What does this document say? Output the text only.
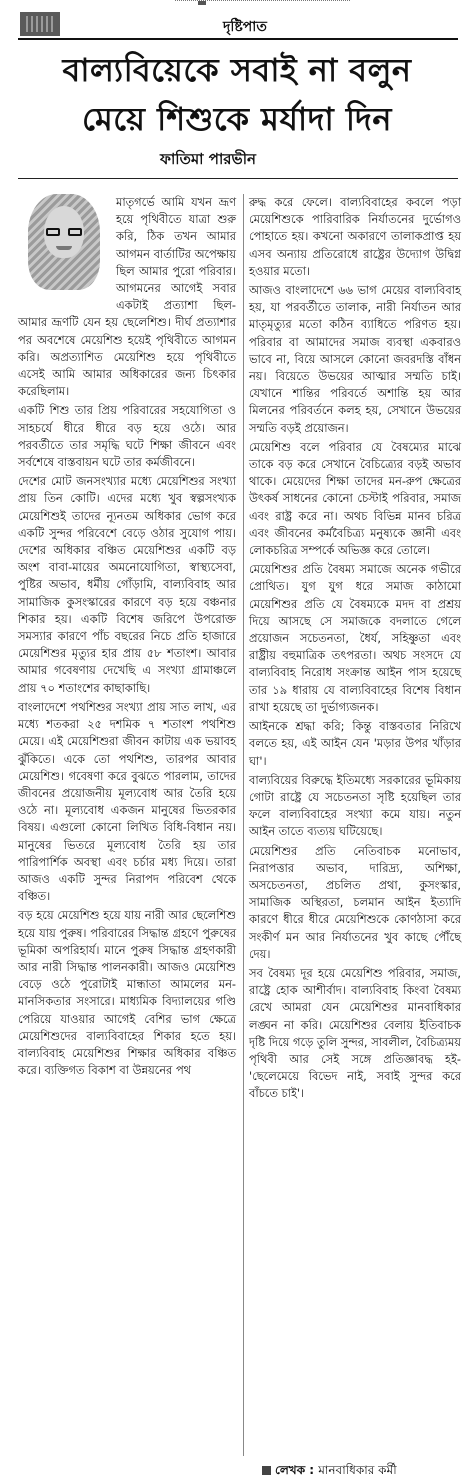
দৃষ্টিপাত
বাল্যবিয়েকে সবাই না বলুন
মেয়ে শিশুকে মর্যাদা দিন
ফাতিমা পারভীন

মাতৃগর্ভে আমি যখন ভ্রূণ হয়ে পৃথিবীতে যাত্রা শুরু করি, ঠিক তখন আমার আগমন বার্তাটির অপেক্ষায় ছিল আমার পুরো পরিবার। আগমনের আগেই সবার একটাই প্রত্যাশা ছিল-আমার ভ্রূণটি যেন হয় ছেলেশিশু। দীর্ঘ প্রত্যাশার পর অবশেষে মেয়েশিশু হয়েই পৃথিবীতে আগমন করি। অপ্রত্যাশিত মেয়েশিশু হয়ে পৃথিবীতে এসেই আমি আমার অধিকারের জন্য চিৎকার করেছিলাম।

একটি শিশু তার প্রিয় পরিবারের সহযোগিতা ও সাহচর্যে ধীরে ধীরে বড় হয়ে ওঠে। আর পরবর্তীতে তার সমৃদ্ধি ঘটে শিক্ষা জীবনে এবং সর্বশেষে বাস্তবায়ন ঘটে তার কর্মজীবনে।

দেশের মোট জনসংখ্যার মধ্যে মেয়েশিশুর সংখ্যা প্রায় তিন কোটি। এদের মধ্যে খুব স্বল্পসংখ্যক মেয়েশিশুই তাদের ন্যূনতম অধিকার ভোগ করে একটি সুন্দর পরিবেশে বেড়ে ওঠার সুযোগ পায়। দেশের অধিকার বঞ্চিত মেয়েশিশুর একটি বড় অংশ বাবা-মায়ের অমনোযোগিতা, স্বাস্থ্যসেবা, পুষ্টির অভাব, ধর্মীয় গোঁড়ামি, বাল্যবিবাহ আর সামাজিক কুসংস্কারের কারণে বড় হয়ে বঞ্চনার শিকার হয়। একটি বিশেষ জরিপে উপরোক্ত সমস্যার কারণে পাঁচ বছরের নিচে প্রতি হাজারে মেয়েশিশুর মৃত্যুর হার প্রায় ৫৮ শতাংশ। আবার আমার গবেষণায় দেখেছি এ সংখ্যা গ্রামাঞ্চলে প্রায় ৭০ শতাংশের কাছাকাছি।

বাংলাদেশে পথশিশুর সংখ্যা প্রায় সাত লাখ, এর মধ্যে শতকরা ২৫ দশমিক ৭ শতাংশ পথশিশু মেয়ে। এই মেয়েশিশুরা জীবন কাটায় এক ভয়াবহ ঝুঁকিতে। একে তো পথশিশু, তারপর আবার মেয়েশিশু। গবেষণা করে বুঝতে পারলাম, তাদের জীবনের প্রয়োজনীয় মূল্যবোধ আর তৈরি হয়ে ওঠে না। মূল্যবোধ একজন মানুষের ভিতরকার বিষয়। এগুলো কোনো লিখিত বিধি-বিধান নয়। মানুষের ভিতরে মূল্যবোধ তৈরি হয় তার পারিপার্শিক অবস্থা এবং চর্চার মধ্য দিয়ে। তারা আজও একটি সুন্দর নিরাপদ পরিবেশ থেকে বঞ্চিত।

বড় হয়ে মেয়েশিশু হয়ে যায় নারী আর ছেলেশিশু হয়ে যায় পুরুষ। পরিবারের সিদ্ধান্ত গ্রহণে পুরুষের ভূমিকা অপরিহার্য। মানে পুরুষ সিদ্ধান্ত গ্রহণকারী আর নারী সিদ্ধান্ত পালনকারী। আজও মেয়েশিশু বেড়ে ওঠে পুরোটাই মান্ধাতা আমলের মন-মানসিকতার সংসারে। মাধ্যমিক বিদ্যালয়ের গণ্ডি পেরিয়ে যাওয়ার আগেই বেশির ভাগ ক্ষেত্রে মেয়েশিশুদের বাল্যবিবাহের শিকার হতে হয়। বাল্যবিবাহ মেয়েশিশুর শিক্ষার অধিকার বঞ্চিত করে। ব্যক্তিগত বিকাশ বা উন্নয়নের পথ

রুদ্ধ করে ফেলে। বাল্যবিবাহের কবলে পড়া মেয়েশিশুকে পারিবারিক নির্যাতনের দুর্ভোগও পোহাতে হয়। কখনো অকারণে তালাকপ্রাপ্ত হয় এসব অন্যায় প্রতিরোধে রাষ্ট্রের উদ্যোগ উদ্বিগ্ন হওয়ার মতো।

আজও বাংলাদেশে ৬৬ ভাগ মেয়ের বাল্যবিবাহ হয়, যা পরবর্তীতে তালাক, নারী নির্যাতন আর মাতৃমৃত্যুর মতো কঠিন ব্যাধিতে পরিণত হয়। পরিবার বা আমাদের সমাজ ব্যবস্থা একবারও ভাবে না, বিয়ে আসলে কোনো জবরদস্তি বাঁধন নয়। বিয়েতে উভয়ের আত্মার সম্মতি চাই। যেখানে শান্তির পরিবর্তে অশান্তি হয় আর মিলনের পরিবর্তনে কলহ হয়, সেখানে উভয়ের সম্মতি বড়ই প্রয়োজন।

মেয়েশিশু বলে পরিবার যে বৈষম্যের মাঝে তাকে বড় করে সেখানে বৈচিত্র্যের বড়ই অভাব থাকে। মেয়েদের শিক্ষা তাদের মন-রুপ ক্ষেত্রের উৎকর্ষ সাধনের কোনো চেস্টাই পরিবার, সমাজ এবং রাষ্ট্র করে না। অথচ বিভিন্ন মানব চরিত্র এবং জীবনের কর্মবৈচিত্র্য মনুষ্যকে জ্ঞানী এবং লোকচরিত্র সম্পর্কে অভিজ্ঞ করে তোলে।

মেয়েশিশুর প্রতি বৈষম্য সমাজে অনেক গভীরে প্রোথিত। যুগ যুগ ধরে সমাজ কাঠামো মেয়েশিশুর প্রতি যে বৈষম্যকে মদদ বা প্রশ্রয় দিয়ে আসছে সে সমাজকে বদলাতে গেলে প্রয়োজন সচেতনতা, ধৈর্য, সহিষ্ণুতা এবং রাষ্ট্রীয় বহুমাত্রিক তৎপরতা। অথচ সংসদে যে বাল্যবিবাহ নিরোধ সংক্রান্ত আইন পাস হয়েছে তার ১৯ ধারায় যে বাল্যবিবাহের বিশেষ বিধান রাখা হয়েছে তা দুর্ভাগ্যজনক।

আইনকে শ্রদ্ধা করি; কিন্তু বাস্তবতার নিরিখে বলতে হয়, এই আইন যেন 'মড়ার উপর খাঁড়ার ঘা'।

বাল্যবিয়ের বিরুদ্ধে ইতিমধ্যে সরকারের ভূমিকায় গোটা রাষ্ট্রে যে সচেতনতা সৃষ্টি হয়েছিল তার ফলে বাল্যবিবাহের সংখ্যা কমে যায়। নতুন আইন তাতে ব্যত্যয় ঘটিয়েছে।

মেয়েশিশুর প্রতি নেতিবাচক মনোভাব, নিরাপত্তার অভাব, দারিদ্র্য, অশিক্ষা, অসচেতনতা, প্রচলিত প্রথা, কুসংস্কার, সামাজিক অস্থিরতা, চলমান আইন ইত্যাদি কারণে ধীরে ধীরে মেয়েশিশুকে কোণঠাসা করে সংকীর্ণ মন আর নির্যাতনের খুব কাছে পৌঁছে দেয়।

সব বৈষম্য দূর হয়ে মেয়েশিশু পরিবার, সমাজ, রাষ্ট্রে হোক আশীর্বাদ। বাল্যবিবাহ কিংবা বৈষম্য রেখে আমরা যেন মেয়েশিশুর মানবাধিকার লঙ্ঘন না করি। মেয়েশিশুর বেলায় ইতিবাচক দৃষ্টি দিয়ে গড়ে তুলি সুন্দর, সাবলীল, বৈচিত্র্যময় পৃথিবী আর সেই সঙ্গে প্রতিজ্ঞাবদ্ধ হই- 'ছেলেমেয়ে বিভেদ নাই, সবাই সুন্দর করে বাঁচতে চাই'।

লেখক : মানবাধিকার কর্মী
